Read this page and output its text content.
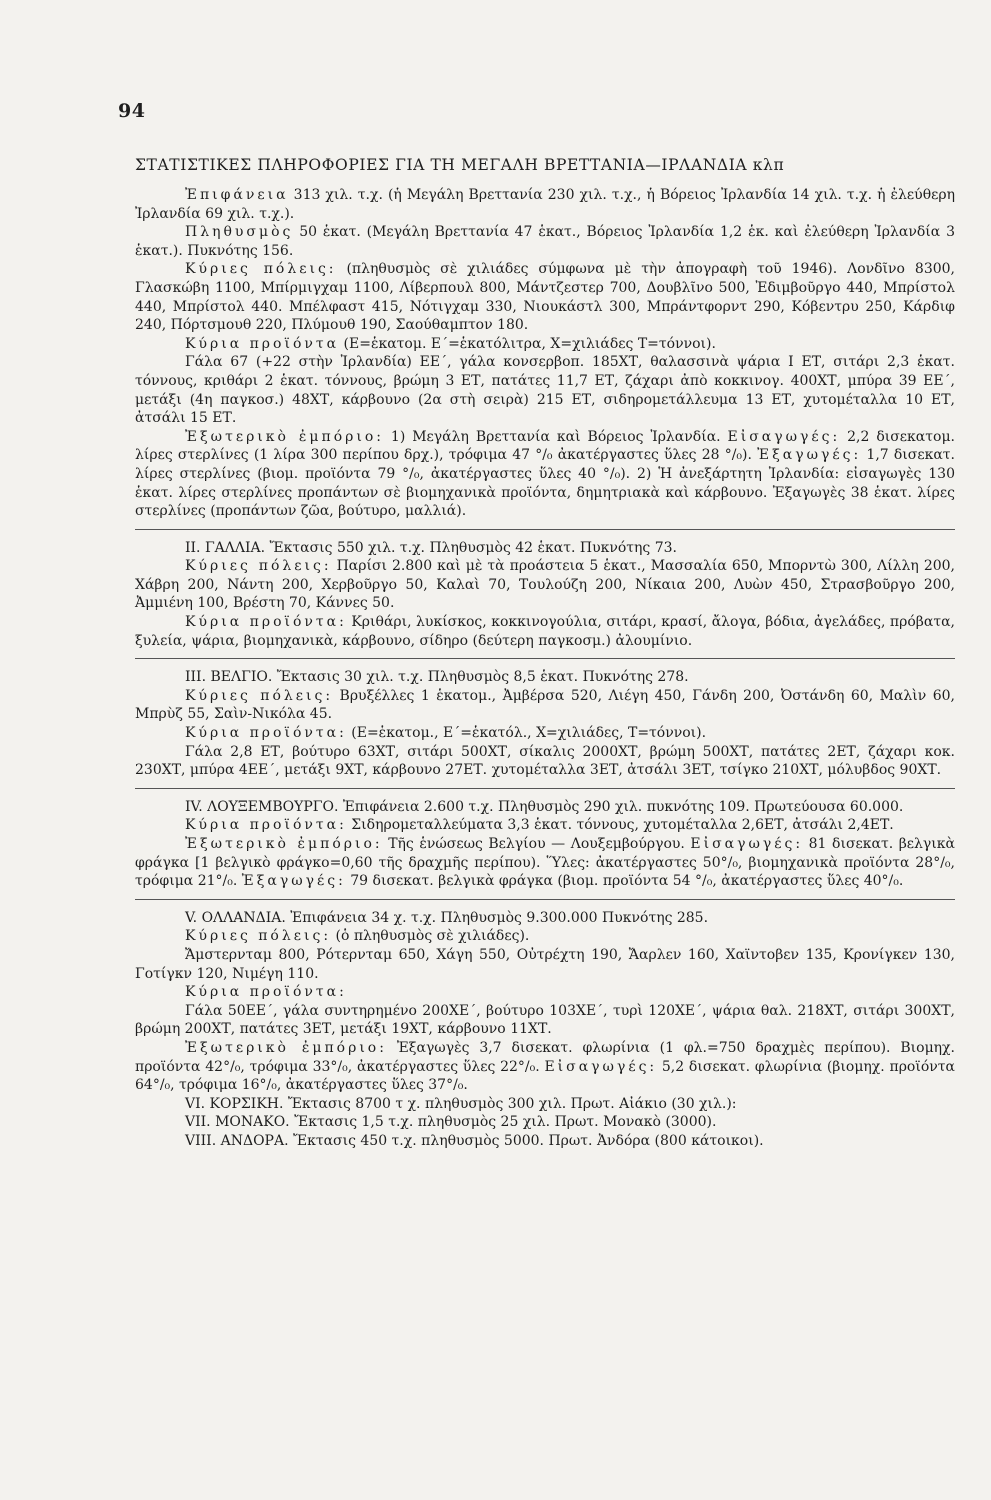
94
ΣΤΑΤΙΣΤΙΚΕΣ ΠΛΗΡΟΦΟΡΙΕΣ ΓΙΑ ΤΗ ΜΕΓΑΛΗ ΒΡΕΤΤΑΝΙΑ—ΙΡΛΑΝΔΙΑ κλπ

Ἐπιφάνεια 313 χιλ. τ.χ. (ἡ Μεγάλη Βρεττανία 230 χιλ. τ.χ., ἡ Βόρειος Ἰρλανδία 14 χιλ. τ.χ. ἡ ἐλεύθερη Ἰρλανδία 69 χιλ. τ.χ.).

Πληθυσμὸς 50 ἑκατ. (Μεγάλη Βρεττανία 47 ἑκατ., Βόρειος Ἰρλανδία 1,2 ἑκ. καὶ ἐλεύθερη Ἰρλανδία 3 ἑκατ.). Πυκνότης 156.

Κύριες πόλεις: (πληθυσμὸς σὲ χιλιάδες σύμφωνα μὲ τὴν ἀπογραφὴ τοῦ 1946). Λονδῖνο 8300, Γλασκώβη 1100, Μπίρμιγχαμ 1100, Λίβερπουλ 800, Μάντζεστερ 700, Δουβλῖνο 500, Ἐδιμβοῦργο 440, Μπρίστολ 440, Μπρίστολ 440. Μπέλφαστ 415, Νότιγχαμ 330, Νιουκάστλ 300, Μπράντφορντ 290, Κόβεντρυ 250, Κάρδιφ 240, Πόρτσμουθ 220, Πλύμουθ 190, Σαούθαμπτον 180.

Κύρια προϊόντα (Ε=ἑκατομ. Ε΄=ἑκατόλιτρα, Χ=χιλιάδες Τ=τόννοι).

Γάλα 67 (+22 στὴν Ἰρλανδία) ΕΕ΄, γάλα κονσερβοπ. 185ΧΤ, θαλασσινὰ ψάρια Ι ΕΤ, σιτάρι 2,3 ἑκατ. τόννους, κριθάρι 2 ἑκατ. τόννους, βρώμη 3 ΕΤ, πατάτες 11,7 ΕΤ, ζάχαρι ἀπὸ κοκκινογ. 400ΧΤ, μπύρα 39 ΕΕ΄, μετάξι (4η παγκοσ.) 48ΧΤ, κάρβουνο (2α στὴ σειρὰ) 215 ΕΤ, σιδηρομετάλλευμα 13 ΕΤ, χυτομέταλλα 10 ΕΤ, ἀτσάλι 15 ΕΤ.

Ἐξωτερικὸ ἐμπόριο: 1) Μεγάλη Βρεττανία καὶ Βόρειος Ἰρλανδία. Εἰσαγωγές: 2,2 δισεκατομ. λίρες στερλίνες (1 λίρα 300 περίπου δρχ.), τρόφιμα 47 °/₀ ἀκατέργαστες ὕλες 28 °/₀). Ἐξαγωγές: 1,7 δισεκατ. λίρες στερλίνες (βιομ. προϊόντα 79 °/₀, ἀκατέργαστες ὕλες 40 °/₀). 2) Ἡ ἀνεξάρτητη Ἰρλανδία: εἰσαγωγὲς 130 ἑκατ. λίρες στερλίνες προπάντων σὲ βιομηχανικὰ προϊόντα, δημητριακὰ καὶ κάρβουνο. Ἐξαγωγὲς 38 ἑκατ. λίρες στερλίνες (προπάντων ζῶα, βούτυρο, μαλλιά).

ΙΙ. ΓΑΛΛΙΑ. Ἔκτασις 550 χιλ. τ.χ. Πληθυσμὸς 42 ἑκατ. Πυκνότης 73.

Κύριες πόλεις: Παρίσι 2.800 καὶ μὲ τὰ προάστεια 5 ἑκατ., Μασσαλία 650, Μπορντὼ 300, Λίλλη 200, Χάβρη 200, Νάντη 200, Χερβοῦργο 50, Καλαὶ 70, Τουλούζη 200, Νίκαια 200, Λυὼν 450, Στρασβοῦργο 200, Ἀμμιένη 100, Βρέστη 70, Κάννες 50.

Κύρια προϊόντα: Κριθάρι, λυκίσκος, κοκκινογούλια, σιτάρι, κρασί, ἄλογα, βόδια, ἀγελάδες, πρόβατα, ξυλεία, ψάρια, βιομηχανικὰ, κάρβουνο, σίδηρο (δεύτερη παγκοσμ.) ἀλουμίνιο.

ΙΙΙ. ΒΕΛΓΙΟ. Ἔκτασις 30 χιλ. τ.χ. Πληθυσμὸς 8,5 ἑκατ. Πυκνότης 278.

Κύριες πόλεις: Βρυξέλλες 1 ἑκατομ., Ἀμβέρσα 520, Λιέγη 450, Γάνδη 200, Ὀστάνδη 60, Μαλὶν 60, Μπρὺζ 55, Σαὶν-Νικόλα 45.

Κύρια προϊόντα: (Ε=ἑκατομ., Ε΄=ἑκατόλ., Χ=χιλιάδες, Τ=τόννοι).

Γάλα 2,8 ΕΤ, βούτυρο 63ΧΤ, σιτάρι 500ΧΤ, σίκαλις 2000ΧΤ, βρώμη 500ΧΤ, πατάτες 2ΕΤ, ζάχαρι κοκ. 230ΧΤ, μπύρα 4ΕΕ΄, μετάξι 9ΧΤ, κάρβουνο 27ΕΤ. χυτομέταλλα 3ΕΤ, ἀτσάλι 3ΕΤ, τσίγκο 210ΧΤ, μόλυβδος 90ΧΤ.

IV. ΛΟΥΞΕΜΒΟΥΡΓΟ. Ἐπιφάνεια 2.600 τ.χ. Πληθυσμὸς 290 χιλ. πυκνότης 109. Πρωτεύουσα 60.000.

Κύρια προϊόντα: Σιδηρομεταλλεύματα 3,3 ἑκατ. τόννους, χυτομέταλλα 2,6ΕΤ, ἀτσάλι 2,4ΕΤ.

Ἐξωτερικὸ ἐμπόριο: Τῆς ἑνώσεως Βελγίου — Λουξεμβούργου. Εἰσαγωγές: 81 δισεκατ. βελγικὰ φράγκα [1 βελγικὸ φράγκο=0,60 τῆς δραχμῆς περίπου). Ὕλες: ἀκατέργαστες 50°/₀, βιομηχανικὰ προϊόντα 28°/₀, τρόφιμα 21°/₀. Ἐξαγωγές: 79 δισεκατ. βελγικὰ φράγκα (βιομ. προϊόντα 54 °/₀, ἀκατέργαστες ὕλες 40°/₀.

V. ΟΛΛΑΝΔΙΑ. Ἐπιφάνεια 34 χ. τ.χ. Πληθυσμὸς 9.300.000 Πυκνότης 285.

Κύριες πόλεις: (ὁ πληθυσμὸς σὲ χιλιάδες).

Ἄμστερνταμ 800, Ρότερνταμ 650, Χάγη 550, Οὐτρέχτη 190, Ἄαρλεν 160, Χαϊντοβεν 135, Κρονίγκεν 130, Γοτίγκν 120, Νιμέγη 110.

Κύρια προϊόντα:

Γάλα 50ΕΕ΄, γάλα συντηρημένο 200ΧΕ΄, βούτυρο 103ΧΕ΄, τυρὶ 120ΧΕ΄, ψάρια θαλ. 218ΧΤ, σιτάρι 300ΧΤ, βρώμη 200ΧΤ, πατάτες 3ΕΤ, μετάξι 19ΧΤ, κάρβουνο 11ΧΤ.

Ἐξωτερικὸ ἐμπόριο: Ἐξαγωγὲς 3,7 δισεκατ. φλωρίνια (1 φλ.=750 δραχμὲς περίπου). Βιομηχ. προϊόντα 42°/₀, τρόφιμα 33°/₀, ἀκατέργαστες ὕλες 22°/₀. Εἰσαγωγές: 5,2 δισεκατ. φλωρίνια (βιομηχ. προϊόντα 64°/₀, τρόφιμα 16°/₀, ἀκατέργαστες ὕλες 37°/₀.

VI. ΚΟΡΣΙΚΗ. Ἔκτασις 8700 τ χ. πληθυσμὸς 300 χιλ. Πρωτ. Αἰάκιο (30 χιλ.):

VII. ΜΟΝΑΚΟ. Ἔκτασις 1,5 τ.χ. πληθυσμὸς 25 χιλ. Πρωτ. Μονακὸ (3000).

VIII. ΑΝΔΟΡΑ. Ἔκτασις 450 τ.χ. πληθυσμὸς 5000. Πρωτ. Ἀνδόρα (800 κάτοικοι).
